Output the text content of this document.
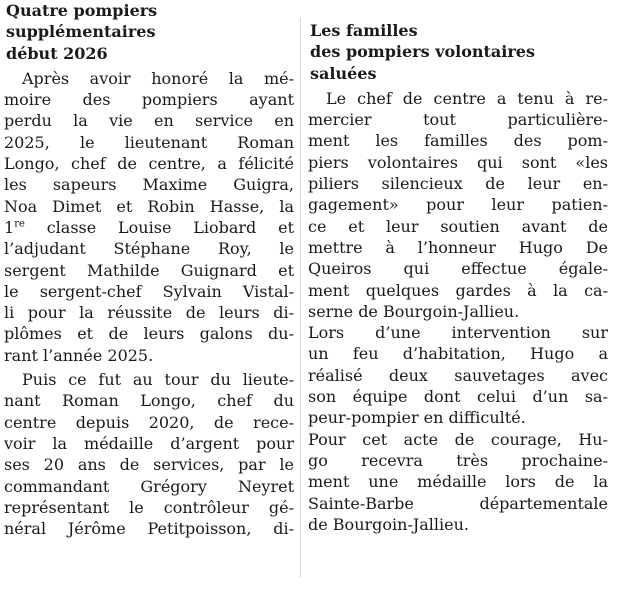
Quatre pompiers
supplémentaires
début 2026
Après avoir honoré la mé-
moire des pompiers ayant
perdu la vie en service en
2025, le lieutenant Roman
Longo, chef de centre, a félicité
les sapeurs Maxime Guigra,
Noa Dimet et Robin Hasse, la
1re classe Louise Liobard et
l’adjudant Stéphane Roy, le
sergent Mathilde Guignard et
le sergent-chef Sylvain Vistal-
li pour la réussite de leurs di-
plômes et de leurs galons du-
rant l’année 2025.
Puis ce fut au tour du lieute-
nant Roman Longo, chef du
centre depuis 2020, de rece-
voir la médaille d’argent pour
ses 20 ans de services, par le
commandant Grégory Neyret
représentant le contrôleur gé-
néral Jérôme Petitpoisson, di-
Les familles
des pompiers volontaires
saluées
Le chef de centre a tenu à re-
mercier tout particulière-
ment les familles des pom-
piers volontaires qui sont «les
piliers silencieux de leur en-
gagement» pour leur patien-
ce et leur soutien avant de
mettre à l’honneur Hugo De
Queiros qui effectue égale-
ment quelques gardes à la ca-
serne de Bourgoin-Jallieu.
Lors d’une intervention sur
un feu d’habitation, Hugo a
réalisé deux sauvetages avec
son équipe dont celui d’un sa-
peur-pompier en difficulté.
Pour cet acte de courage, Hu-
go recevra très prochaine-
ment une médaille lors de la
Sainte-Barbe départementale
de Bourgoin-Jallieu.
